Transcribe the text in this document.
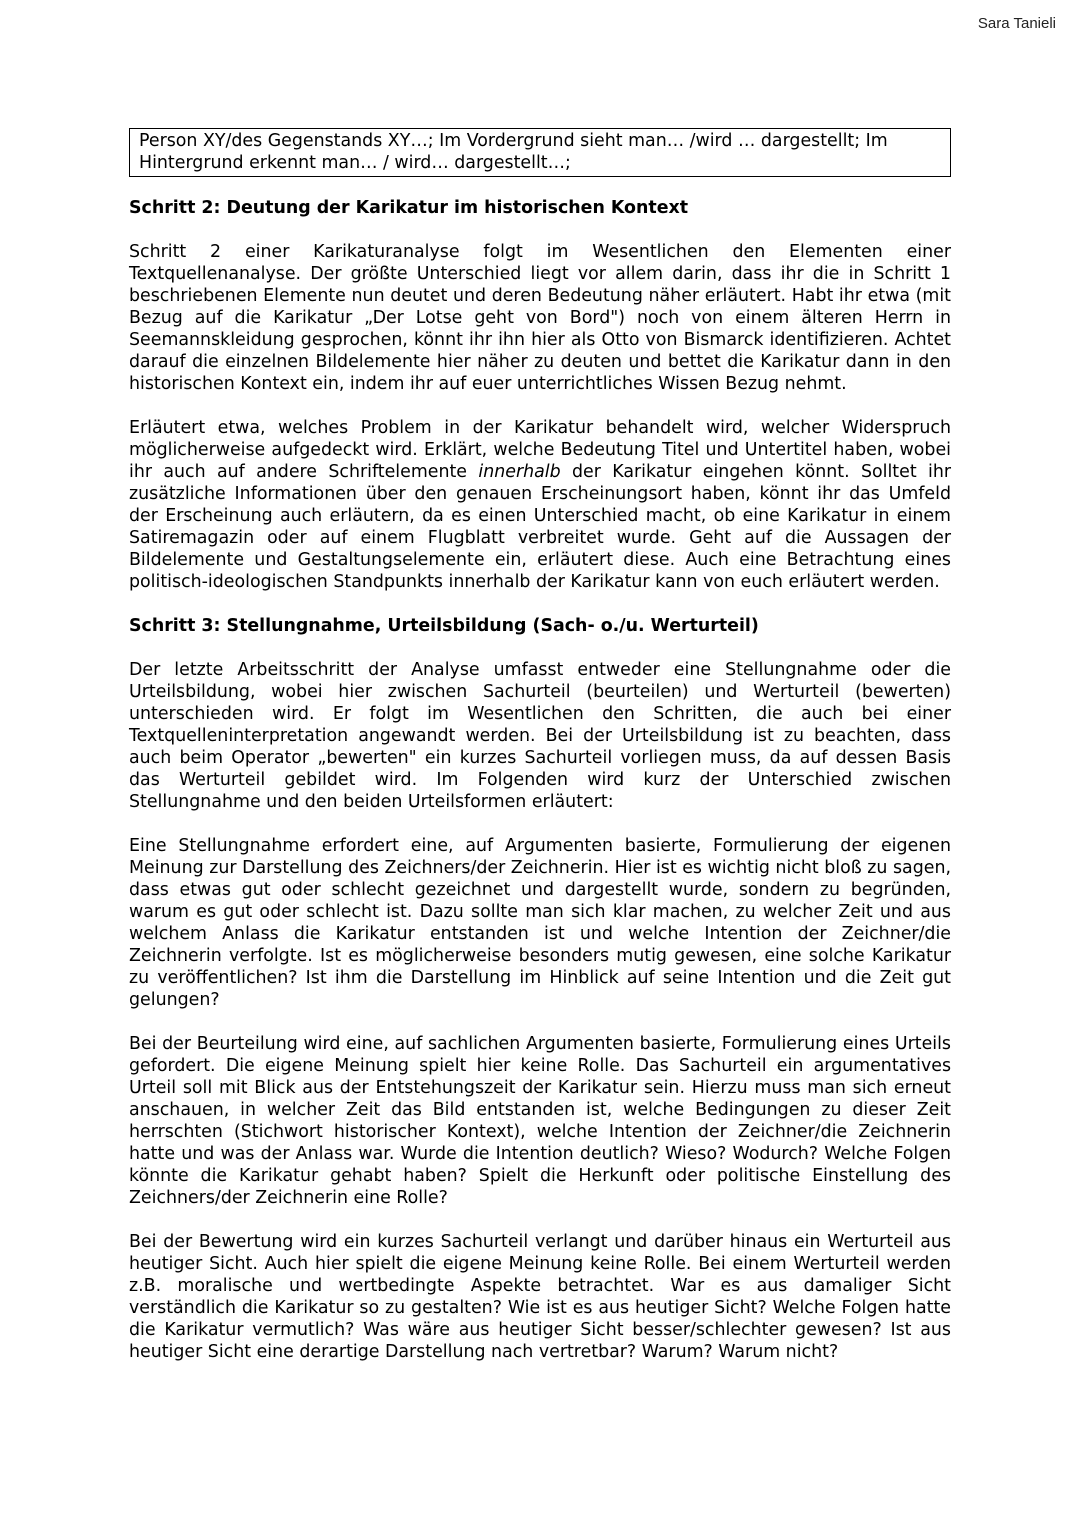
Sara Tanieli
Person XY/des Gegenstands XY…; Im Vordergrund sieht man… /wird … dargestellt; Im Hintergrund erkennt man… / wird… dargestellt…;
Schritt 2: Deutung der Karikatur im historischen Kontext
Schritt 2 einer Karikaturanalyse folgt im Wesentlichen den Elementen einer Textquellenanalyse. Der größte Unterschied liegt vor allem darin, dass ihr die in Schritt 1 beschriebenen Elemente nun deutet und deren Bedeutung näher erläutert. Habt ihr etwa (mit Bezug auf die Karikatur „Der Lotse geht von Bord") noch von einem älteren Herrn in Seemannskleidung gesprochen, könnt ihr ihn hier als Otto von Bismarck identifizieren. Achtet darauf die einzelnen Bildelemente hier näher zu deuten und bettet die Karikatur dann in den historischen Kontext ein, indem ihr auf euer unterrichtliches Wissen Bezug nehmt.
Erläutert etwa, welches Problem in der Karikatur behandelt wird, welcher Widerspruch möglicherweise aufgedeckt wird. Erklärt, welche Bedeutung Titel und Untertitel haben, wobei ihr auch auf andere Schriftelemente innerhalb der Karikatur eingehen könnt. Solltet ihr zusätzliche Informationen über den genauen Erscheinungsort haben, könnt ihr das Umfeld der Erscheinung auch erläutern, da es einen Unterschied macht, ob eine Karikatur in einem Satiremagazin oder auf einem Flugblatt verbreitet wurde. Geht auf die Aussagen der Bildelemente und Gestaltungselemente ein, erläutert diese. Auch eine Betrachtung eines politisch-ideologischen Standpunkts innerhalb der Karikatur kann von euch erläutert werden.
Schritt 3: Stellungnahme, Urteilsbildung (Sach- o./u. Werturteil)
Der letzte Arbeitsschritt der Analyse umfasst entweder eine Stellungnahme oder die Urteilsbildung, wobei hier zwischen Sachurteil (beurteilen) und Werturteil (bewerten) unterschieden wird. Er folgt im Wesentlichen den Schritten, die auch bei einer Textquelleninterpretation angewandt werden. Bei der Urteilsbildung ist zu beachten, dass auch beim Operator „bewerten" ein kurzes Sachurteil vorliegen muss, da auf dessen Basis das Werturteil gebildet wird. Im Folgenden wird kurz der Unterschied zwischen Stellungnahme und den beiden Urteilsformen erläutert:
Eine Stellungnahme erfordert eine, auf Argumenten basierte, Formulierung der eigenen Meinung zur Darstellung des Zeichners/der Zeichnerin. Hier ist es wichtig nicht bloß zu sagen, dass etwas gut oder schlecht gezeichnet und dargestellt wurde, sondern zu begründen, warum es gut oder schlecht ist. Dazu sollte man sich klar machen, zu welcher Zeit und aus welchem Anlass die Karikatur entstanden ist und welche Intention der Zeichner/die Zeichnerin verfolgte. Ist es möglicherweise besonders mutig gewesen, eine solche Karikatur zu veröffentlichen? Ist ihm die Darstellung im Hinblick auf seine Intention und die Zeit gut gelungen?
Bei der Beurteilung wird eine, auf sachlichen Argumenten basierte, Formulierung eines Urteils gefordert. Die eigene Meinung spielt hier keine Rolle. Das Sachurteil ein argumentatives Urteil soll mit Blick aus der Entstehungszeit der Karikatur sein. Hierzu muss man sich erneut anschauen, in welcher Zeit das Bild entstanden ist, welche Bedingungen zu dieser Zeit herrschten (Stichwort historischer Kontext), welche Intention der Zeichner/die Zeichnerin hatte und was der Anlass war. Wurde die Intention deutlich? Wieso? Wodurch? Welche Folgen könnte die Karikatur gehabt haben? Spielt die Herkunft oder politische Einstellung des Zeichners/der Zeichnerin eine Rolle?
Bei der Bewertung wird ein kurzes Sachurteil verlangt und darüber hinaus ein Werturteil aus heutiger Sicht. Auch hier spielt die eigene Meinung keine Rolle. Bei einem Werturteil werden z.B. moralische und wertbedingte Aspekte betrachtet. War es aus damaliger Sicht verständlich die Karikatur so zu gestalten? Wie ist es aus heutiger Sicht? Welche Folgen hatte die Karikatur vermutlich? Was wäre aus heutiger Sicht besser/schlechter gewesen? Ist aus heutiger Sicht eine derartige Darstellung nach vertretbar? Warum? Warum nicht?
